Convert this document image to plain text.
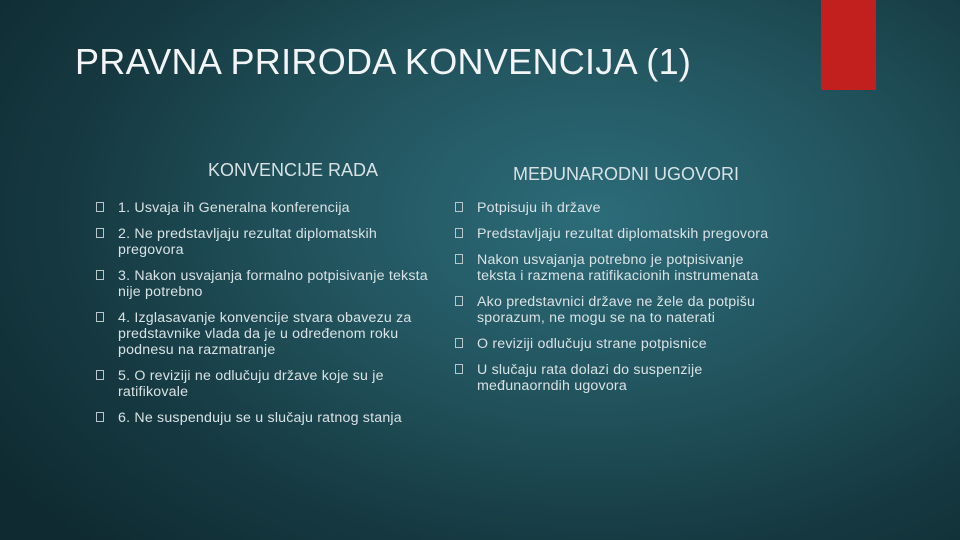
PRAVNA PRIRODA KONVENCIJA (1)
KONVENCIJE RADA	MEĐUNARODNI UGOVORI
1. Usvaja ih Generalna konferencija
2. Ne predstavljaju rezultat diplomatskih pregovora
3. Nakon usvajanja formalno potpisivanje teksta nije potrebno
4. Izglasavanje konvencije stvara obavezu za predstavnike vlada da je u određenom roku podnesu na razmatranje
5. O reviziji ne odlučuju države koje su je ratifikovale
6. Ne suspenduju se u slučaju ratnog stanja
Potpisuju ih države
Predstavljaju rezultat diplomatskih pregovora
Nakon usvajanja potrebno je potpisivanje teksta i razmena ratifikacionih instrumenata
Ako predstavnici države ne žele da potpišu sporazum, ne mogu se na to naterati
O reviziji odlučuju strane potpisnice
U slučaju rata dolazi do suspenzije međunaorndih ugovora
